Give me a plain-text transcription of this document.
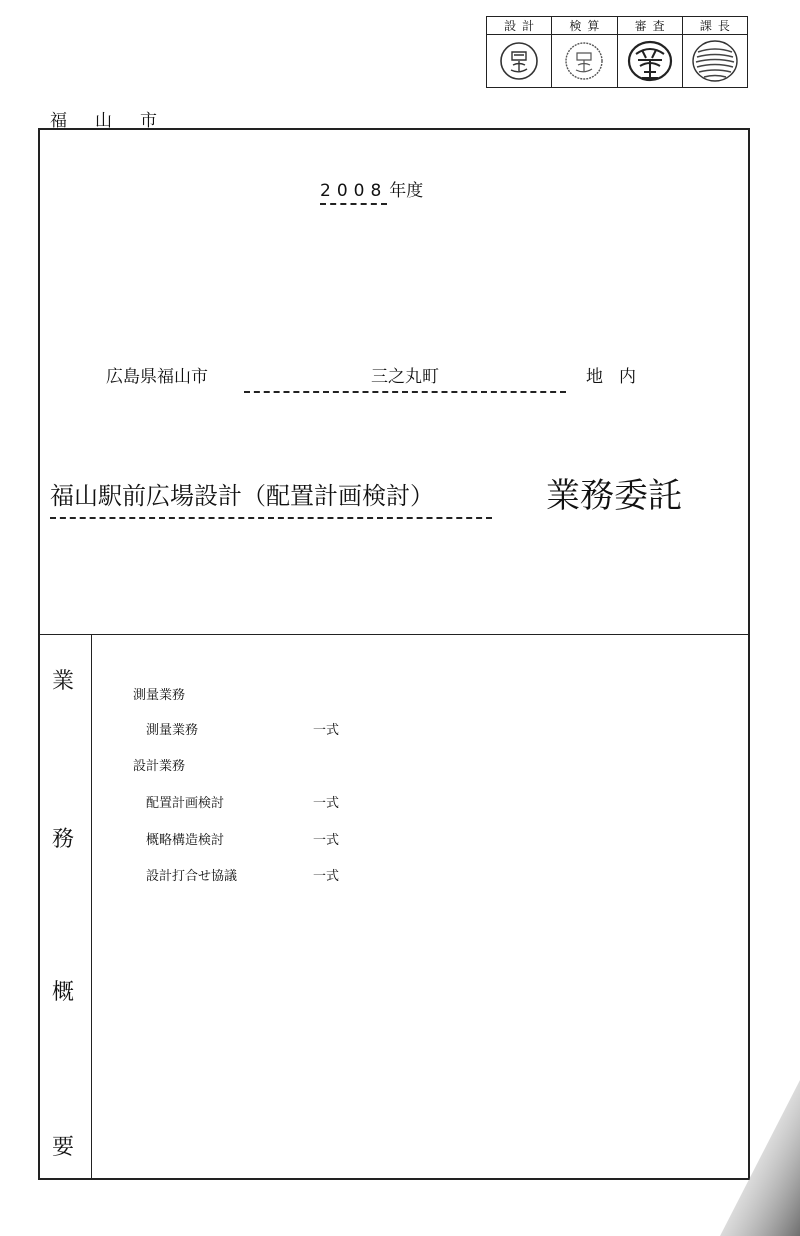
設計	検算	審査	課長
福山市
2008 年度
広島県福山市	三之丸町	地内
福山駅前広場設計（配置計画検討）	業務委託
業
務
概
要
測量業務
測量業務	一式
設計業務
配置計画検討	一式
概略構造検討	一式
設計打合せ協議	一式
